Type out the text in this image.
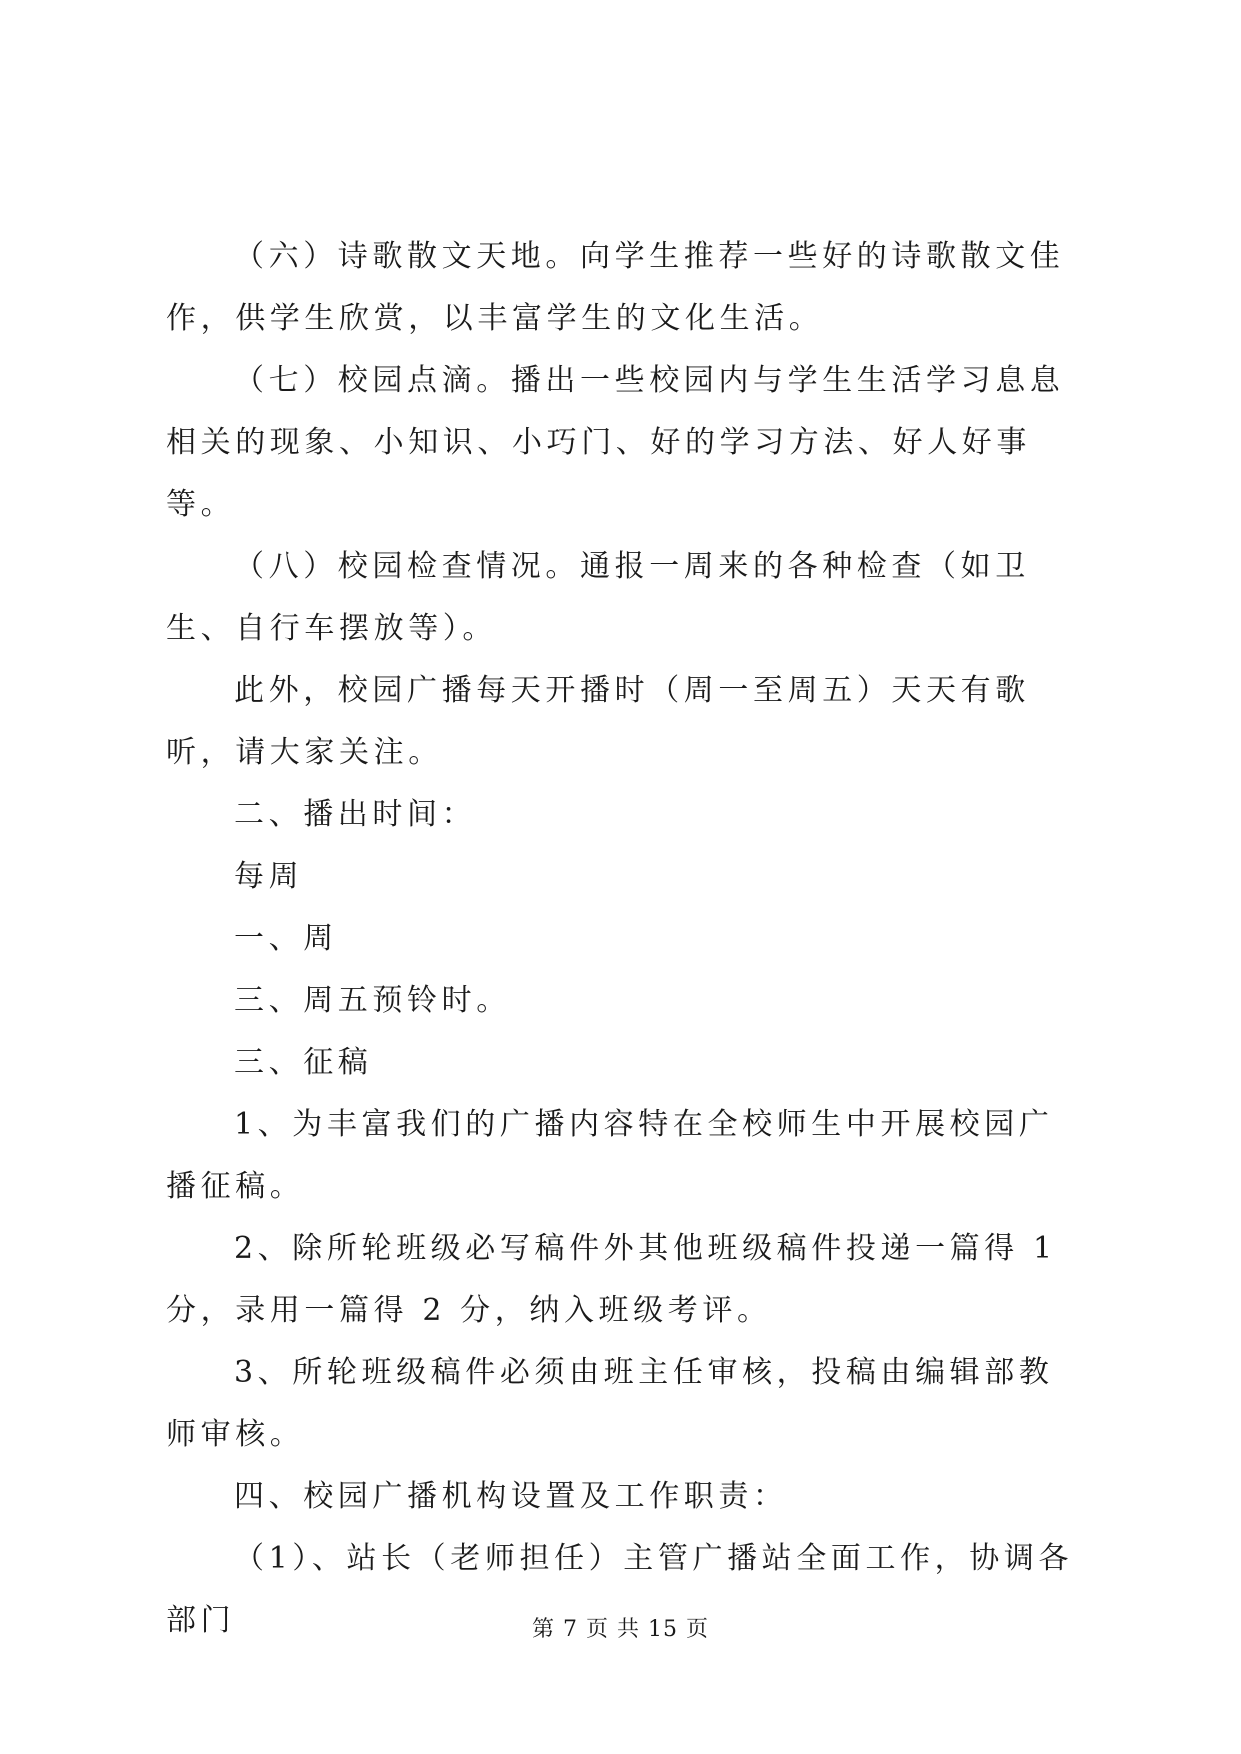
（六）诗歌散文天地。向学生推荐一些好的诗歌散文佳作，供学生欣赏，以丰富学生的文化生活。

（七）校园点滴。播出一些校园内与学生生活学习息息相关的现象、小知识、小巧门、好的学习方法、好人好事等。

（八）校园检查情况。通报一周来的各种检查（如卫生、自行车摆放等）。

此外，校园广播每天开播时（周一至周五）天天有歌听，请大家关注。

二、播出时间：

每周

一、周

三、周五预铃时。

三、征稿

1、为丰富我们的广播内容特在全校师生中开展校园广播征稿。

2、除所轮班级必写稿件外其他班级稿件投递一篇得 1 分，录用一篇得 2 分，纳入班级考评。

3、所轮班级稿件必须由班主任审核，投稿由编辑部教师审核。

四、校园广播机构设置及工作职责：

（1）、站长（老师担任）主管广播站全面工作，协调各部门	第 7 页 共 15 页
